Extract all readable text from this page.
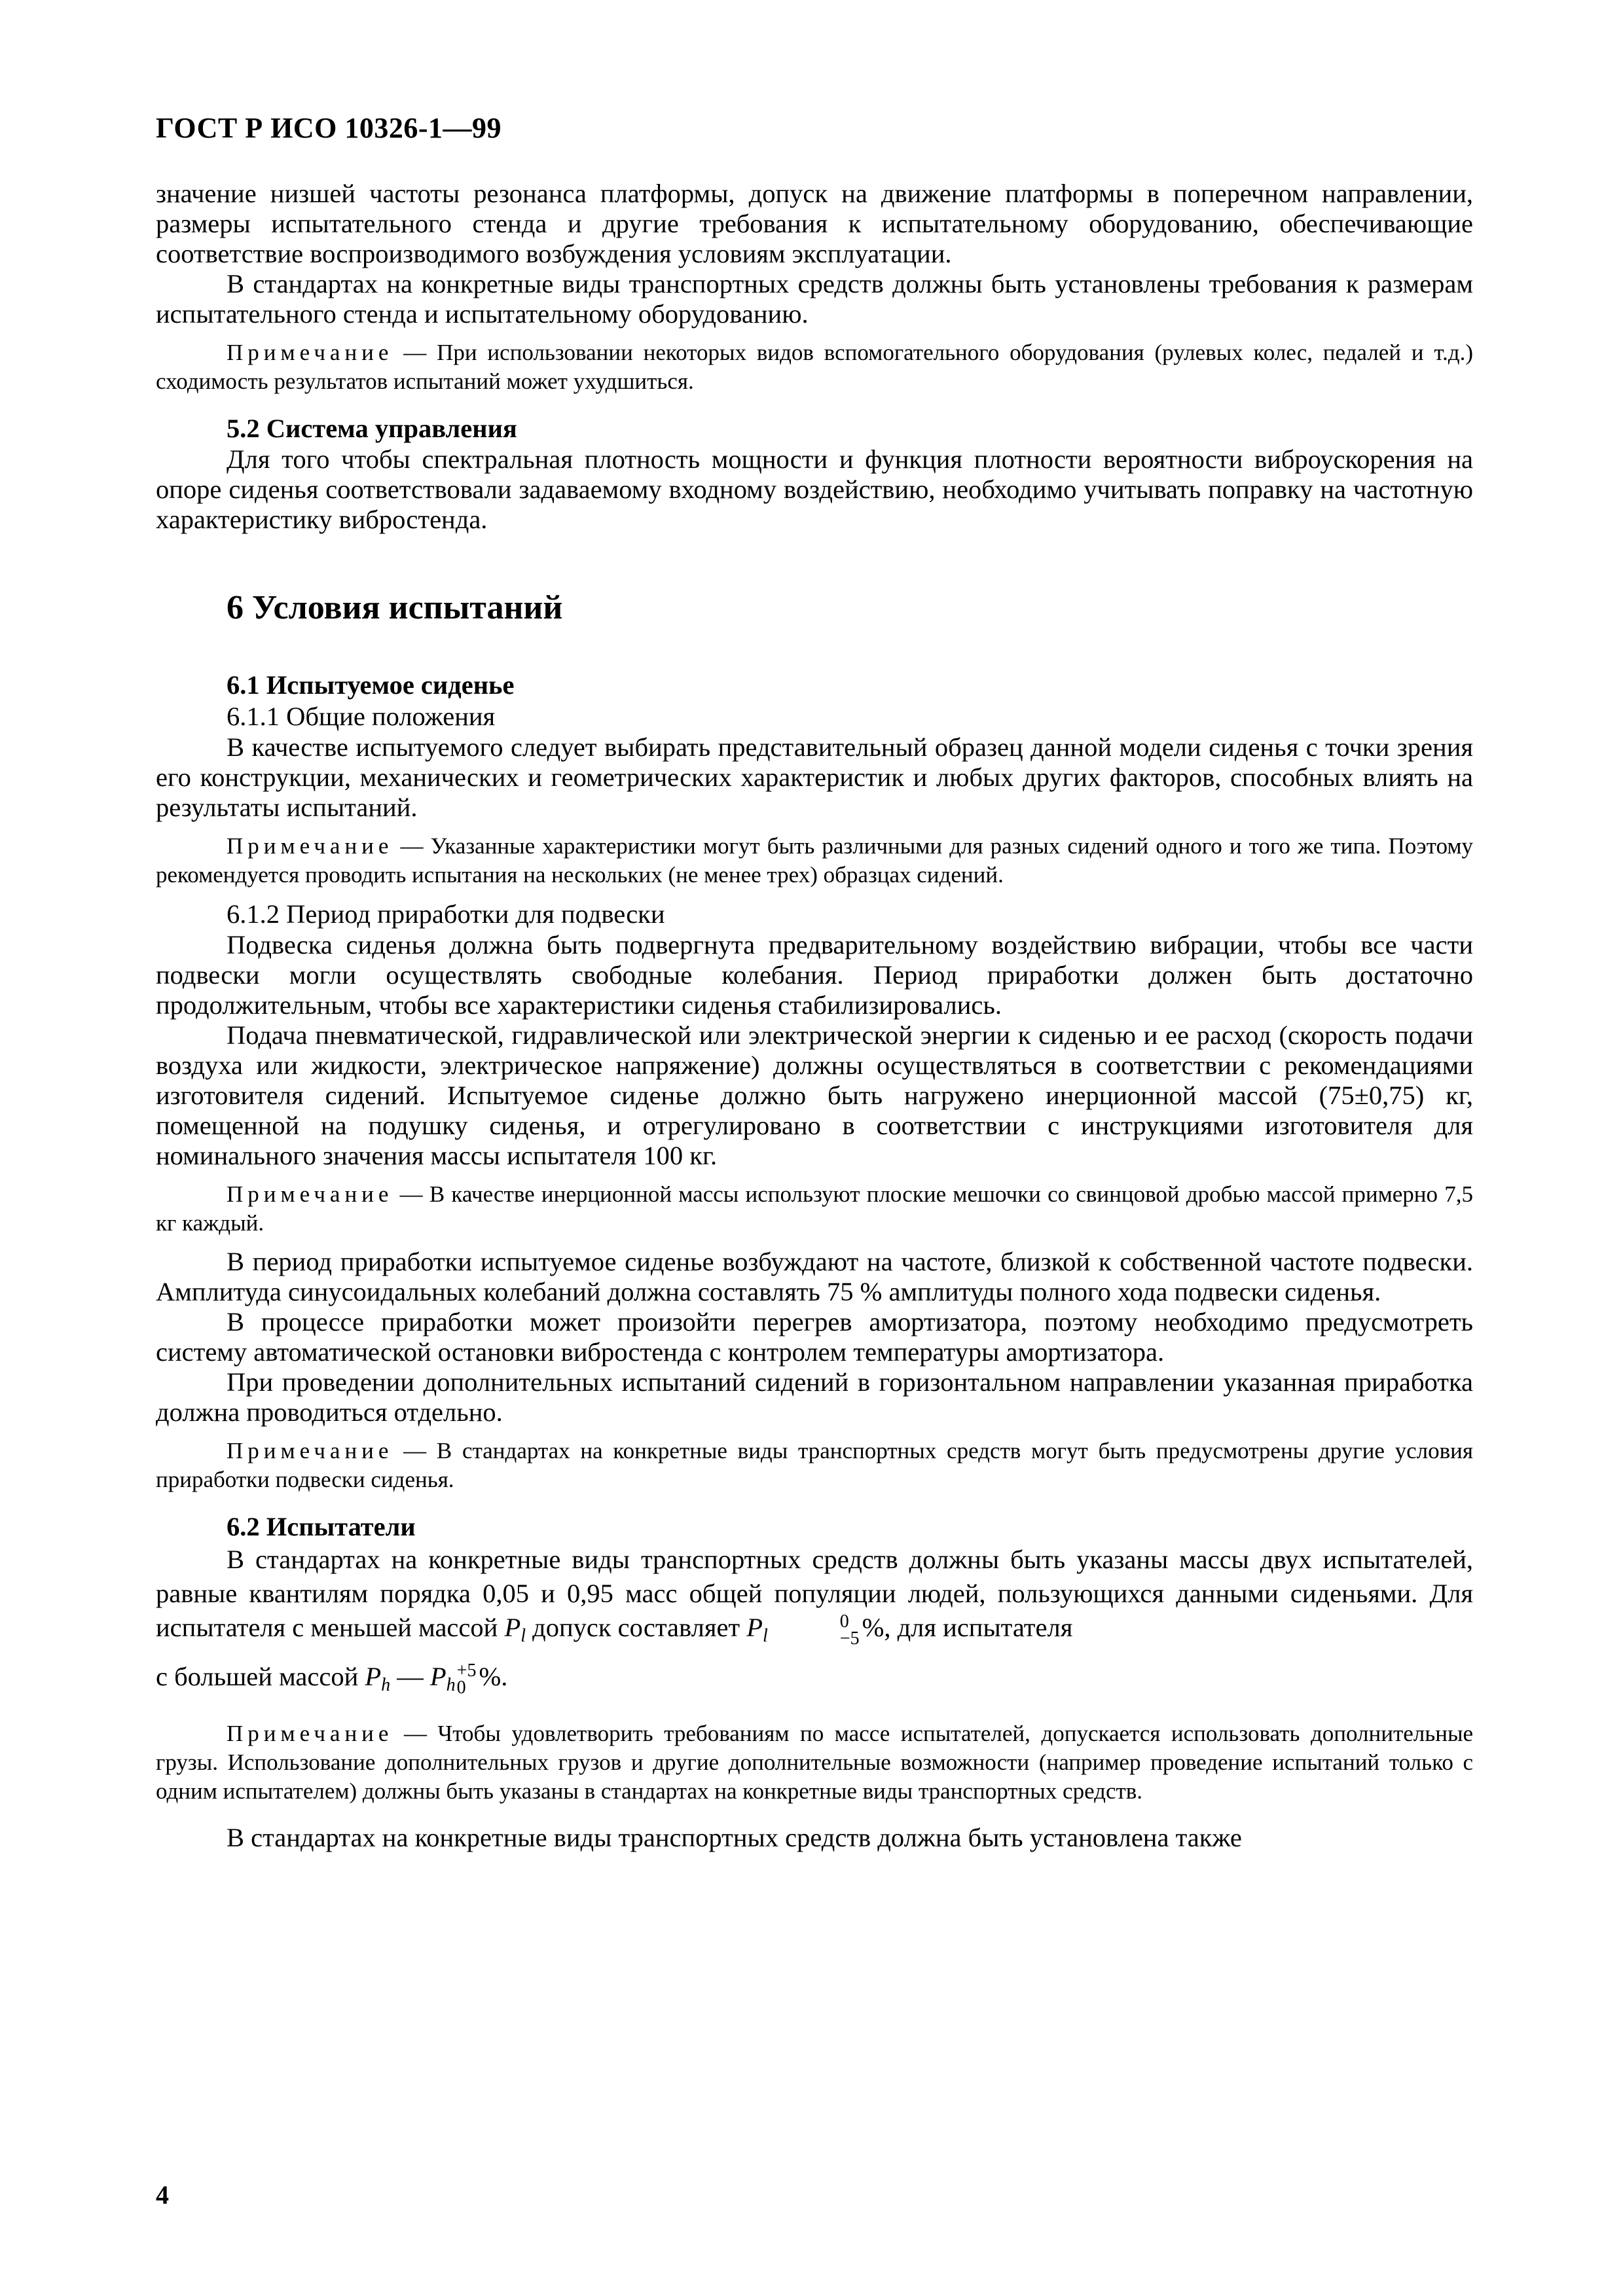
ГОСТ Р ИСО 10326-1—99

значение низшей частоты резонанса платформы, допуск на движение платформы в поперечном направлении, размеры испытательного стенда и другие требования к испытательному оборудованию, обеспечивающие соответствие воспроизводимого возбуждения условиям эксплуатации.

В стандартах на конкретные виды транспортных средств должны быть установлены требования к размерам испытательного стенда и испытательному оборудованию.

Примечание — При использовании некоторых видов вспомогательного оборудования (рулевых колес, педалей и т.д.) сходимость результатов испытаний может ухудшиться.

5.2 Система управления

Для того чтобы спектральная плотность мощности и функция плотности вероятности виброускорения на опоре сиденья соответствовали задаваемому входному воздействию, необходимо учитывать поправку на частотную характеристику вибростенда.

6 Условия испытаний
6.1 Испытуемое сиденье
6.1.1 Общие положения

В качестве испытуемого следует выбирать представительный образец данной модели сиденья с точки зрения его конструкции, механических и геометрических характеристик и любых других факторов, способных влиять на результаты испытаний.

Примечание — Указанные характеристики могут быть различными для разных сидений одного и того же типа. Поэтому рекомендуется проводить испытания на нескольких (не менее трех) образцах сидений.

6.1.2 Период приработки для подвески

Подвеска сиденья должна быть подвергнута предварительному воздействию вибрации, чтобы все части подвески могли осуществлять свободные колебания. Период приработки должен быть достаточно продолжительным, чтобы все характеристики сиденья стабилизировались.

Подача пневматической, гидравлической или электрической энергии к сиденью и ее расход (скорость подачи воздуха или жидкости, электрическое напряжение) должны осуществляться в соответствии с рекомендациями изготовителя сидений. Испытуемое сиденье должно быть нагружено инерционной массой (75±0,75) кг, помещенной на подушку сиденья, и отрегулировано в соответствии с инструкциями изготовителя для номинального значения массы испытателя 100 кг.

Примечание — В качестве инерционной массы используют плоские мешочки со свинцовой дробью массой примерно 7,5 кг каждый.

В период приработки испытуемое сиденье возбуждают на частоте, близкой к собственной частоте подвески. Амплитуда синусоидальных колебаний должна составлять 75 % амплитуды полного хода подвески сиденья.

В процессе приработки может произойти перегрев амортизатора, поэтому необходимо предусмотреть систему автоматической остановки вибростенда с контролем температуры амортизатора.

При проведении дополнительных испытаний сидений в горизонтальном направлении указанная приработка должна проводиться отдельно.

Примечание — В стандартах на конкретные виды транспортных средств могут быть предусмотрены другие условия приработки подвески сиденья.

6.2 Испытатели

В стандартах на конкретные виды транспортных средств должны быть указаны массы двух испытателей, равные квантилям порядка 0,05 и 0,95 масс общей популяции людей, пользующихся данными сиденьями. Для испытателя с меньшей массой Pl допуск составляет Pl
0
−5 %, для испытателя

с большей массой Ph — Ph
+5
0 %.

Примечание — Чтобы удовлетворить требованиям по массе испытателей, допускается использовать дополнительные грузы. Использование дополнительных грузов и другие дополнительные возможности (например проведение испытаний только с одним испытателем) должны быть указаны в стандартах на конкретные виды транспортных средств.

В стандартах на конкретные виды транспортных средств должна быть установлена также

4
